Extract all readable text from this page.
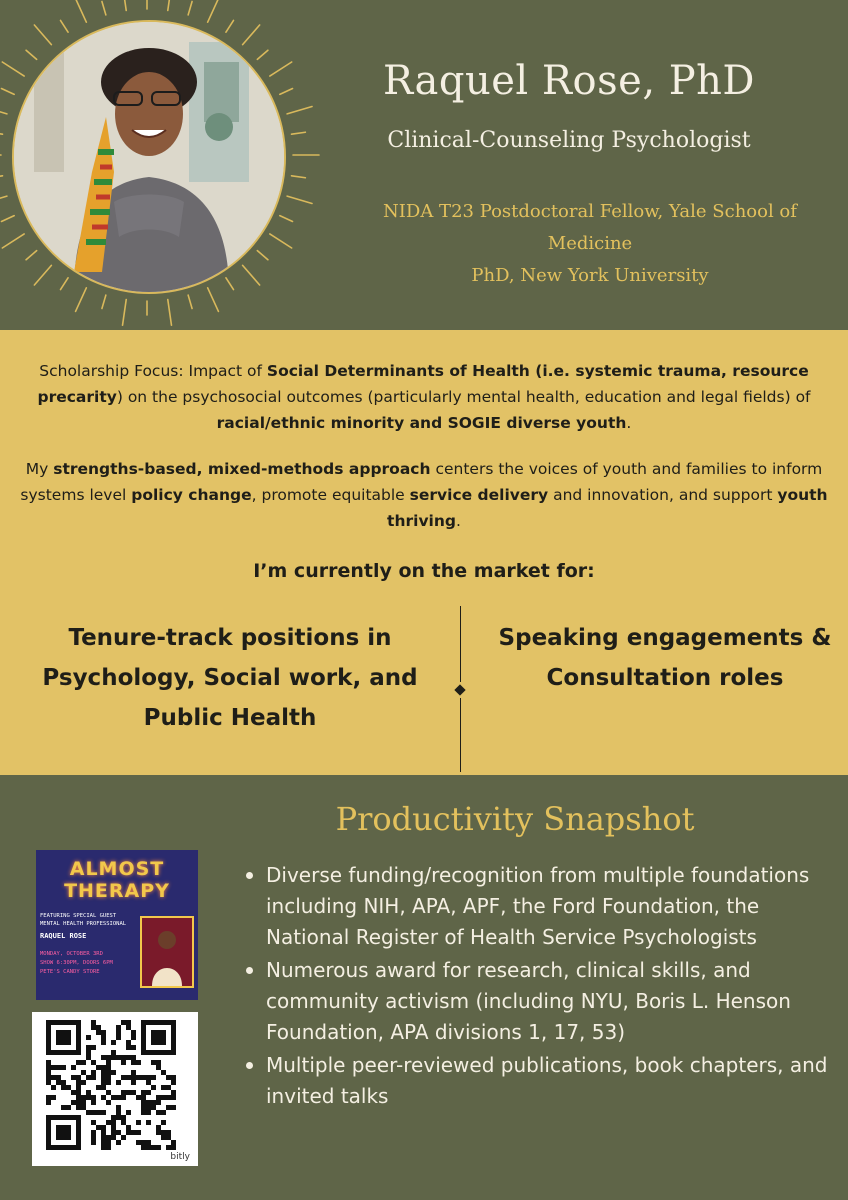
Raquel Rose, PhD
Clinical-Counseling Psychologist
NIDA T23 Postdoctoral Fellow, Yale School of
Medicine
PhD, New York University
Scholarship Focus: Impact of Social Determinants of Health (i.e. systemic trauma, resource precarity) on the psychosocial outcomes (particularly mental health, education and legal fields) of racial/ethnic minority and SOGIE diverse youth.
My strengths-based, mixed-methods approach centers the voices of youth and families to inform systems level policy change, promote equitable service delivery and innovation, and support youth thriving.
I’m currently on the market for:
Tenure-track positions in Psychology, Social work, and Public Health
Speaking engagements & Consultation roles
Productivity Snapshot
ALMOST
THERAPY
FEATURING SPECIAL GUEST MENTAL HEALTH PROFESSIONAL
RAQUEL ROSE
MONDAY, OCTOBER 3RD
SHOW 6:30PM, DOORS 6PM
PETE'S CANDY STORE
bitly
Diverse funding/recognition from multiple foundations including NIH, APA, APF, the Ford Foundation, the National Register of Health Service Psychologists
Numerous award for research, clinical skills, and community activism (including NYU, Boris L. Henson Foundation, APA divisions 1, 17, 53)
Multiple peer-reviewed publications, book chapters, and invited talks
